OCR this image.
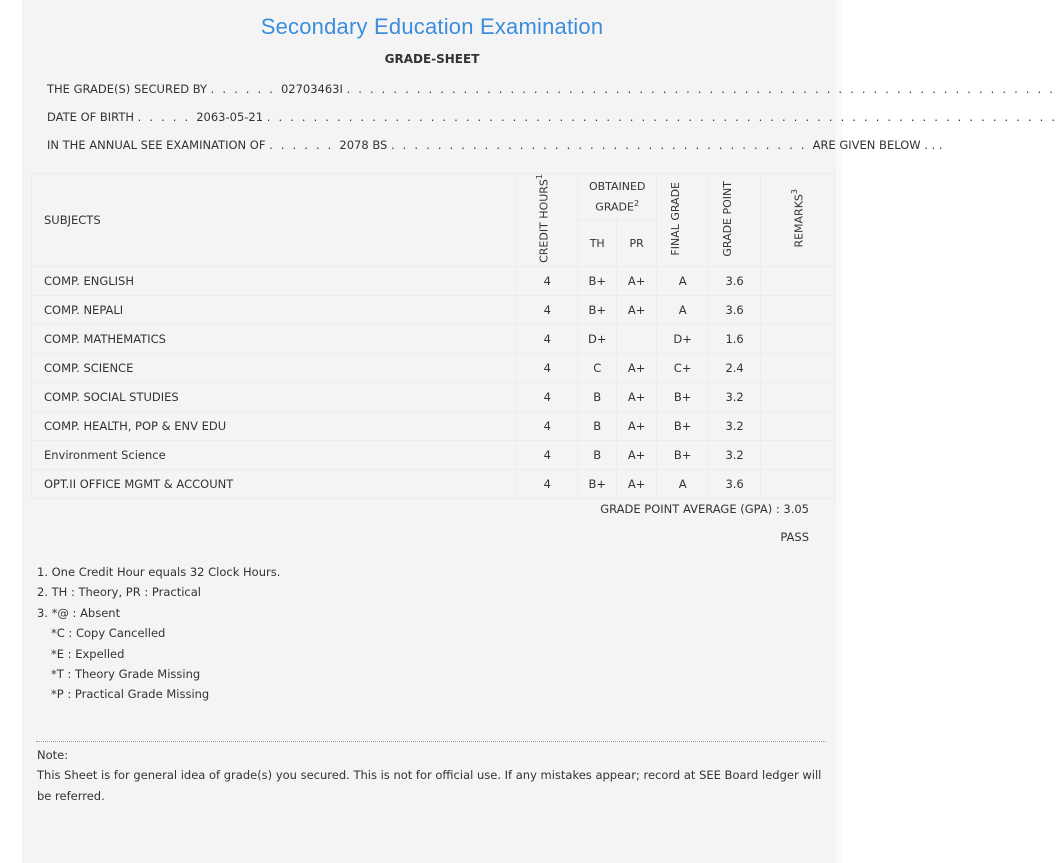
Secondary Education Examination
GRADE-SHEET
THE GRADE(S) SECURED BY . . . . . . 02703463I . . . . . . . . . . . . . . . . . . . . . . . . . . . . . . . . . . . . . . . . . . . . . . . . . . . . . . . . . . . . .
DATE OF BIRTH . . . . . 2063-05-21 . . . . . . . . . . . . . . . . . . . . . . . . . . . . . . . . . . . . . . . . . . . . . . . . . . . . . . . . . . . . . . . . . . . .
IN THE ANNUAL SEE EXAMINATION OF . . . . . . 2078 BS . . . . . . . . . . . . . . . . . . . . . . . . . . . . . . . . . . . . ARE GIVEN BELOW . . .
SUBJECTS	CREDIT HOURS$^1$	OBTAINED GRADE$^2$		FINAL GRADE	GRADE POINT	REMARKS$^3$
		TH	PR			
COMP. ENGLISH	4	B+	A+	A	3.6	
COMP. NEPALI	4	B+	A+	A	3.6	
COMP. MATHEMATICS	4	D+		D+	1.6	
COMP. SCIENCE	4	C	A+	C+	2.4	
COMP. SOCIAL STUDIES	4	B	A+	B+	3.2	
COMP. HEALTH, POP & ENV EDU	4	B	A+	B+	3.2	
Environment Science	4	B	A+	B+	3.2	
OPT.II OFFICE MGMT & ACCOUNT	4	B+	A+	A	3.6	
GRADE POINT AVERAGE (GPA) : 3.05
PASS
1. One Credit Hour equals 32 Clock Hours.
2. TH : Theory, PR : Practical
3. *@ : Absent
*C : Copy Cancelled
*E : Expelled
*T : Theory Grade Missing
*P : Practical Grade Missing
Note:
This Sheet is for general idea of grade(s) you secured. This is not for official use. If any mistakes appear; record at SEE Board ledger will be referred.
